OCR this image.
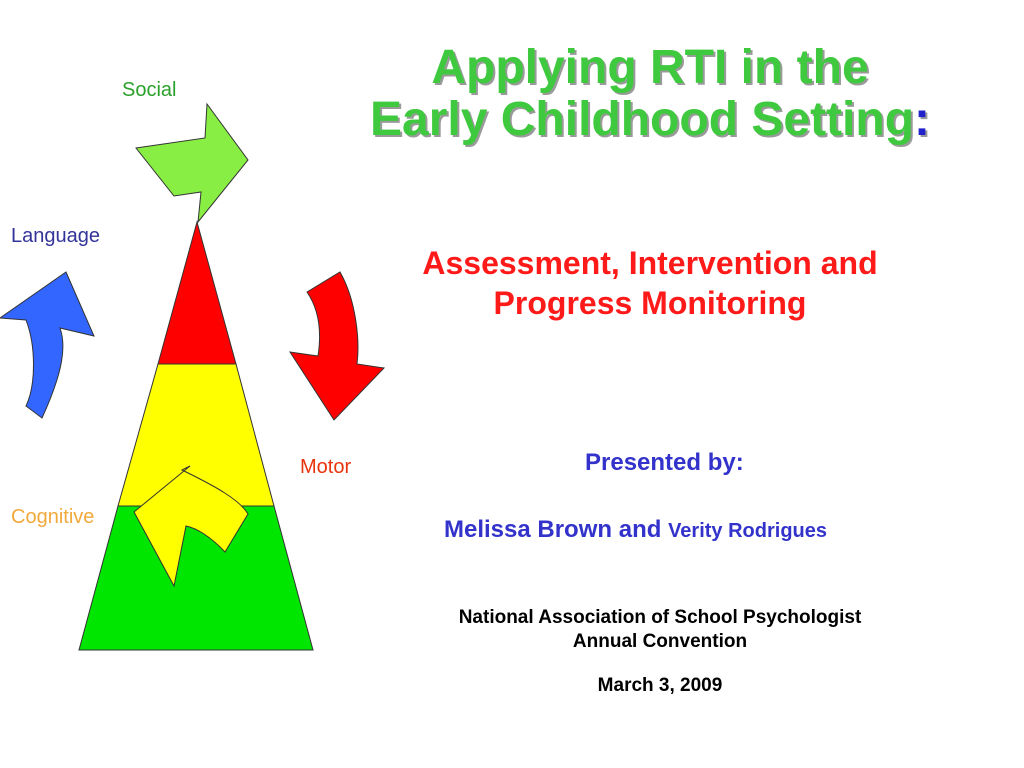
Social
Language
Motor
Cognitive
Applying RTI in the
Early Childhood Setting:
Assessment, Intervention and
Progress Monitoring
Presented by:
Melissa Brown and Verity Rodrigues
National Association of School Psychologist
Annual Convention
March 3, 2009
